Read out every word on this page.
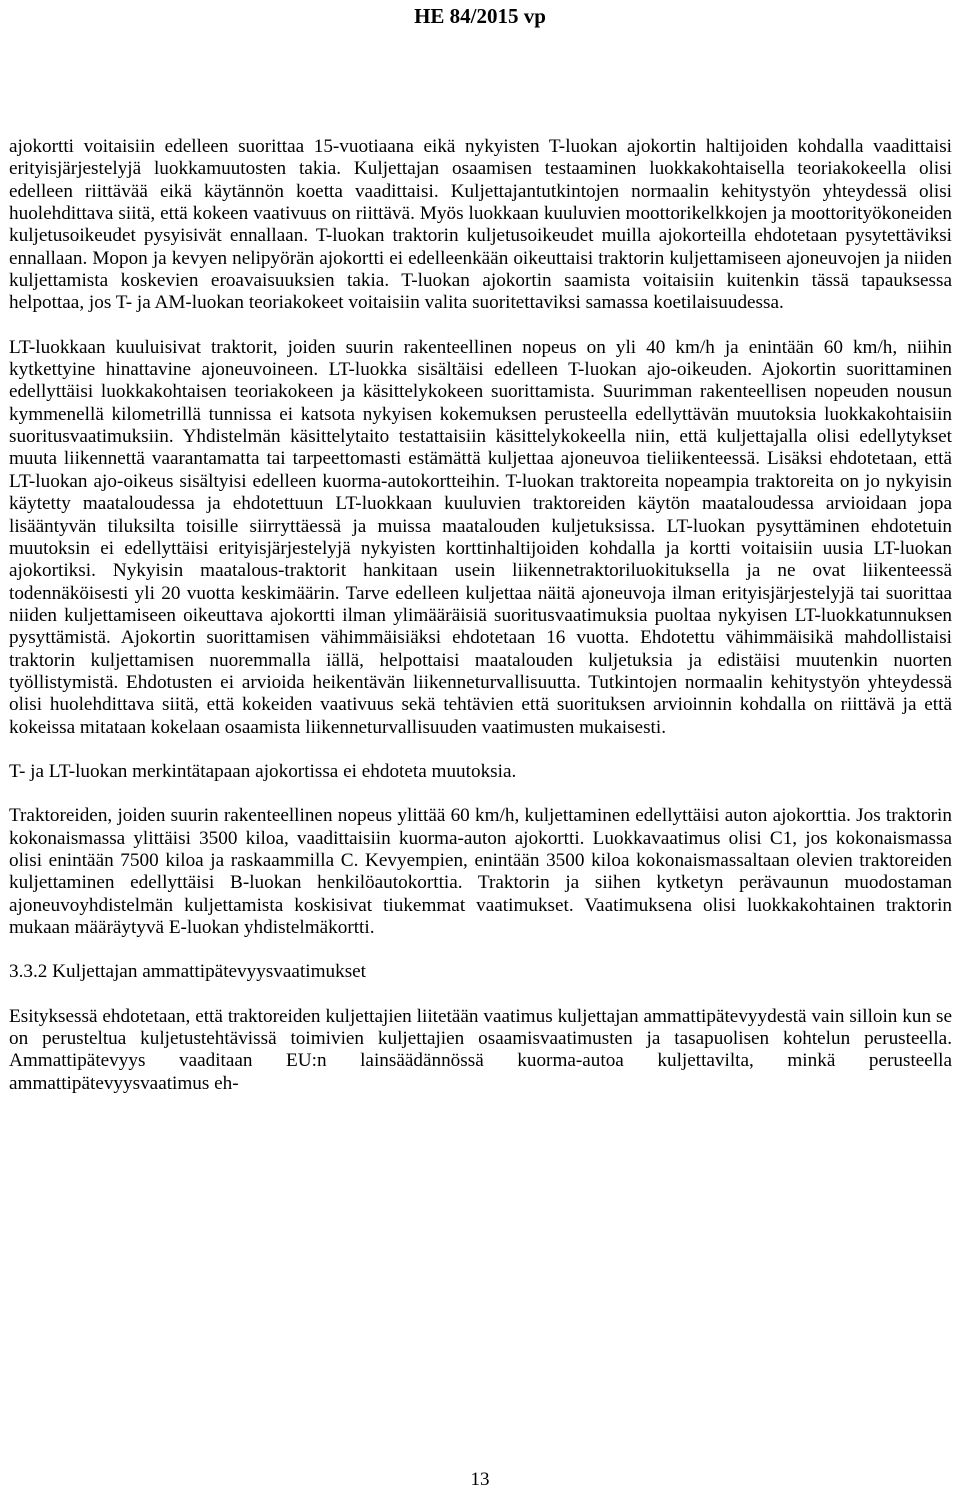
HE 84/2015 vp

ajokortti voitaisiin edelleen suorittaa 15-vuotiaana eikä nykyisten T-luokan ajokortin haltijoiden kohdalla vaadittaisi erityisjärjestelyjä luokkamuutosten takia. Kuljettajan osaamisen testaaminen luokkakohtaisella teoriakokeella olisi edelleen riittävää eikä käytännön koetta vaadittaisi. Kuljettajantutkintojen normaalin kehitystyön yhteydessä olisi huolehdittava siitä, että kokeen vaativuus on riittävä. Myös luokkaan kuuluvien moottorikelkkojen ja moottorityökoneiden kuljetusoikeudet pysyisivät ennallaan. T-luokan traktorin kuljetusoikeudet muilla ajokorteilla ehdotetaan pysytettäviksi ennallaan. Mopon ja kevyen nelipyörän ajokortti ei edelleenkään oikeuttaisi traktorin kuljettamiseen ajoneuvojen ja niiden kuljettamista koskevien eroavaisuuksien takia. T-luokan ajokortin saamista voitaisiin kuitenkin tässä tapauksessa helpottaa, jos T- ja AM-luokan teoriakokeet voitaisiin valita suoritettaviksi samassa koetilaisuudessa.

LT-luokkaan kuuluisivat traktorit, joiden suurin rakenteellinen nopeus on yli 40 km/h ja enintään 60 km/h, niihin kytkettyine hinattavine ajoneuvoineen. LT-luokka sisältäisi edelleen T-luokan ajo-oikeuden. Ajokortin suorittaminen edellyttäisi luokkakohtaisen teoriakokeen ja käsittelykokeen suorittamista. Suurimman rakenteellisen nopeuden nousun kymmenellä kilometrillä tunnissa ei katsota nykyisen kokemuksen perusteella edellyttävän muutoksia luokkakohtaisiin suoritusvaatimuksiin. Yhdistelmän käsittelytaito testattaisiin käsittelykokeella niin, että kuljettajalla olisi edellytykset muuta liikennettä vaarantamatta tai tarpeettomasti estämättä kuljettaa ajoneuvoa tieliikenteessä. Lisäksi ehdotetaan, että LT-luokan ajo-oikeus sisältyisi edelleen kuorma-autokortteihin. T-luokan traktoreita nopeampia traktoreita on jo nykyisin käytetty maataloudessa ja ehdotettuun LT-luokkaan kuuluvien traktoreiden käytön maataloudessa arvioidaan jopa lisääntyvän tiluksilta toisille siirryttäessä ja muissa maatalouden kuljetuksissa. LT-luokan pysyttäminen ehdotetuin muutoksin ei edellyttäisi erityisjärjestelyjä nykyisten korttinhaltijoiden kohdalla ja kortti voitaisiin uusia LT-luokan ajokortiksi. Nykyisin maatalous-traktorit hankitaan usein liikennetraktoriluokituksella ja ne ovat liikenteessä todennäköisesti yli 20 vuotta keskimäärin. Tarve edelleen kuljettaa näitä ajoneuvoja ilman erityisjärjestelyjä tai suorittaa niiden kuljettamiseen oikeuttava ajokortti ilman ylimääräisiä suoritusvaatimuksia puoltaa nykyisen LT-luokkatunnuksen pysyttämistä. Ajokortin suorittamisen vähimmäisiäksi ehdotetaan 16 vuotta. Ehdotettu vähimmäisikä mahdollistaisi traktorin kuljettamisen nuoremmalla iällä, helpottaisi maatalouden kuljetuksia ja edistäisi muutenkin nuorten työllistymistä. Ehdotusten ei arvioida heikentävän liikenneturvallisuutta. Tutkintojen normaalin kehitystyön yhteydessä olisi huolehdittava siitä, että kokeiden vaativuus sekä tehtävien että suorituksen arvioinnin kohdalla on riittävä ja että kokeissa mitataan kokelaan osaamista liikenneturvallisuuden vaatimusten mukaisesti.

T- ja LT-luokan merkintätapaan ajokortissa ei ehdoteta muutoksia.

Traktoreiden, joiden suurin rakenteellinen nopeus ylittää 60 km/h, kuljettaminen edellyttäisi auton ajokorttia. Jos traktorin kokonaismassa ylittäisi 3500 kiloa, vaadittaisiin kuorma-auton ajokortti. Luokkavaatimus olisi C1, jos kokonaismassa olisi enintään 7500 kiloa ja raskaammilla C. Kevyempien, enintään 3500 kiloa kokonaismassaltaan olevien traktoreiden kuljettaminen edellyttäisi B-luokan henkilöautokorttia. Traktorin ja siihen kytketyn perävaunun muodostaman ajoneuvoyhdistelmän kuljettamista koskisivat tiukemmat vaatimukset. Vaatimuksena olisi luokkakohtainen traktorin mukaan määräytyvä E-luokan yhdistelmäkortti.

3.3.2 Kuljettajan ammattipätevyysvaatimukset

Esityksessä ehdotetaan, että traktoreiden kuljettajien liitetään vaatimus kuljettajan ammattipätevyydestä vain silloin kun se on perusteltua kuljetustehtävissä toimivien kuljettajien osaamisvaatimusten ja tasapuolisen kohtelun perusteella. Ammattipätevyys vaaditaan EU:n lainsäädännössä kuorma-autoa kuljettavilta, minkä perusteella ammattipätevyysvaatimus eh-

13
